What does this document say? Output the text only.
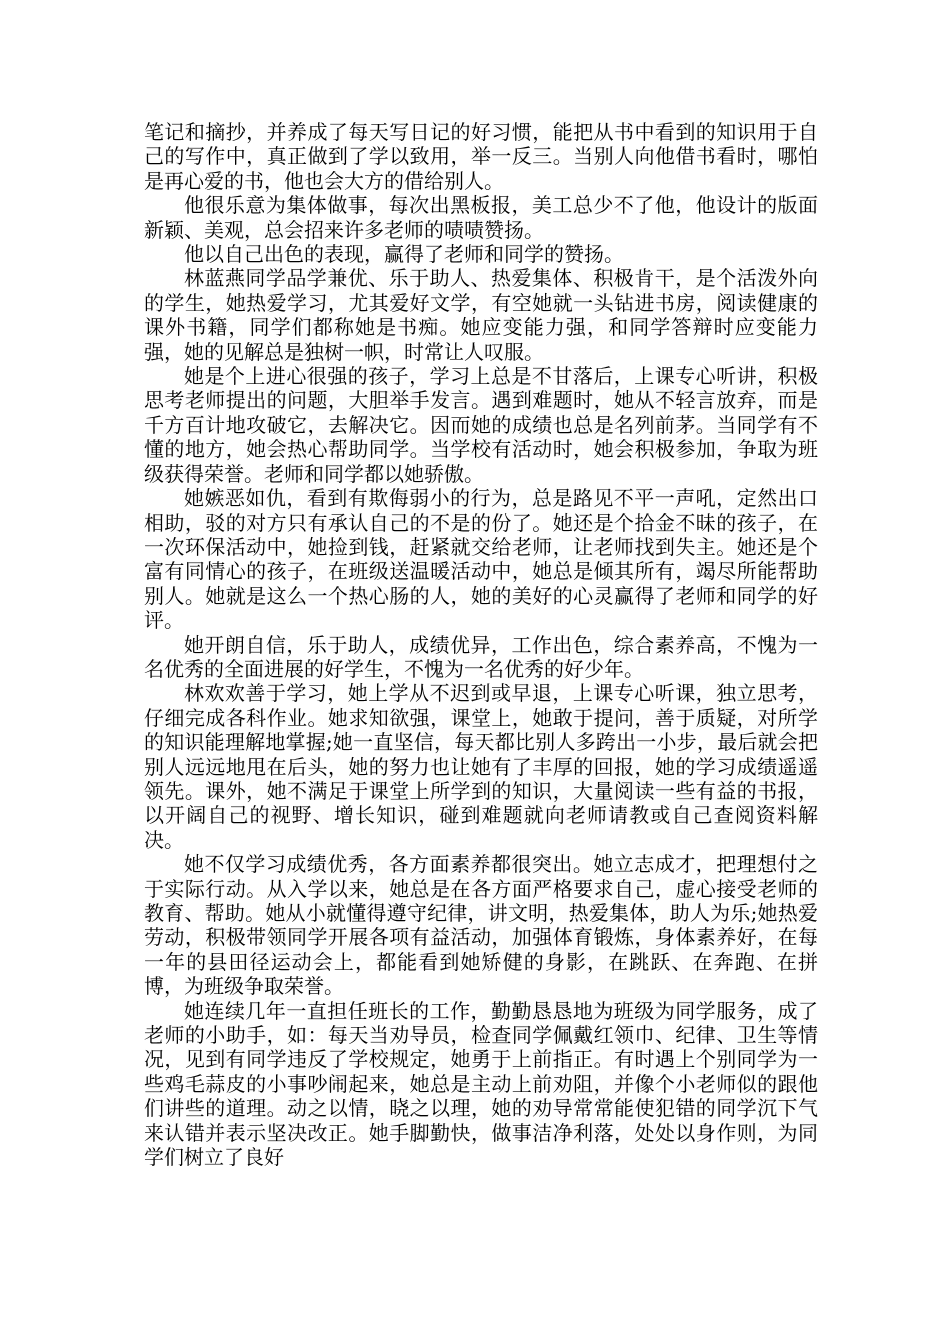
笔记和摘抄，并养成了每天写日记的好习惯，能把从书中看到的知识用于自己的写作中，真正做到了学以致用，举一反三。当别人向他借书看时，哪怕是再心爱的书，他也会大方的借给别人。

他很乐意为集体做事，每次出黑板报，美工总少不了他，他设计的版面新颖、美观，总会招来许多老师的啧啧赞扬。

他以自己出色的表现，赢得了老师和同学的赞扬。

林蓝燕同学品学兼优、乐于助人、热爱集体、积极肯干，是个活泼外向的学生，她热爱学习，尤其爱好文学，有空她就一头钻进书房，阅读健康的课外书籍，同学们都称她是书痴。她应变能力强，和同学答辩时应变能力强，她的见解总是独树一帜，时常让人叹服。

她是个上进心很强的孩子，学习上总是不甘落后，上课专心听讲，积极思考老师提出的问题，大胆举手发言。遇到难题时，她从不轻言放弃，而是千方百计地攻破它，去解决它。因而她的成绩也总是名列前茅。当同学有不懂的地方，她会热心帮助同学。当学校有活动时，她会积极参加，争取为班级获得荣誉。老师和同学都以她骄傲。

她嫉恶如仇，看到有欺侮弱小的行为，总是路见不平一声吼，定然出口相助，驳的对方只有承认自己的不是的份了。她还是个拾金不昧的孩子，在一次环保活动中，她捡到钱，赶紧就交给老师，让老师找到失主。她还是个富有同情心的孩子，在班级送温暖活动中，她总是倾其所有，竭尽所能帮助别人。她就是这么一个热心肠的人，她的美好的心灵赢得了老师和同学的好评。

她开朗自信，乐于助人，成绩优异，工作出色，综合素养高，不愧为一名优秀的全面进展的好学生，不愧为一名优秀的好少年。

林欢欢善于学习，她上学从不迟到或早退，上课专心听课，独立思考，仔细完成各科作业。她求知欲强，课堂上，她敢于提问，善于质疑，对所学的知识能理解地掌握;她一直坚信，每天都比别人多跨出一小步，最后就会把别人远远地甩在后头，她的努力也让她有了丰厚的回报，她的学习成绩遥遥领先。课外，她不满足于课堂上所学到的知识，大量阅读一些有益的书报，以开阔自己的视野、增长知识，碰到难题就向老师请教或自己查阅资料解决。

她不仅学习成绩优秀，各方面素养都很突出。她立志成才，把理想付之于实际行动。从入学以来，她总是在各方面严格要求自己，虚心接受老师的教育、帮助。她从小就懂得遵守纪律，讲文明，热爱集体，助人为乐;她热爱劳动，积极带领同学开展各项有益活动，加强体育锻炼，身体素养好，在每一年的县田径运动会上，都能看到她矫健的身影，在跳跃、在奔跑、在拼博，为班级争取荣誉。

她连续几年一直担任班长的工作，勤勤恳恳地为班级为同学服务，成了老师的小助手，如：每天当劝导员，检查同学佩戴红领巾、纪律、卫生等情况，见到有同学违反了学校规定，她勇于上前指正。有时遇上个别同学为一些鸡毛蒜皮的小事吵闹起来，她总是主动上前劝阻，并像个小老师似的跟他们讲些的道理。动之以情，晓之以理，她的劝导常常能使犯错的同学沉下气来认错并表示坚决改正。她手脚勤快，做事洁净利落，处处以身作则，为同学们树立了良好
